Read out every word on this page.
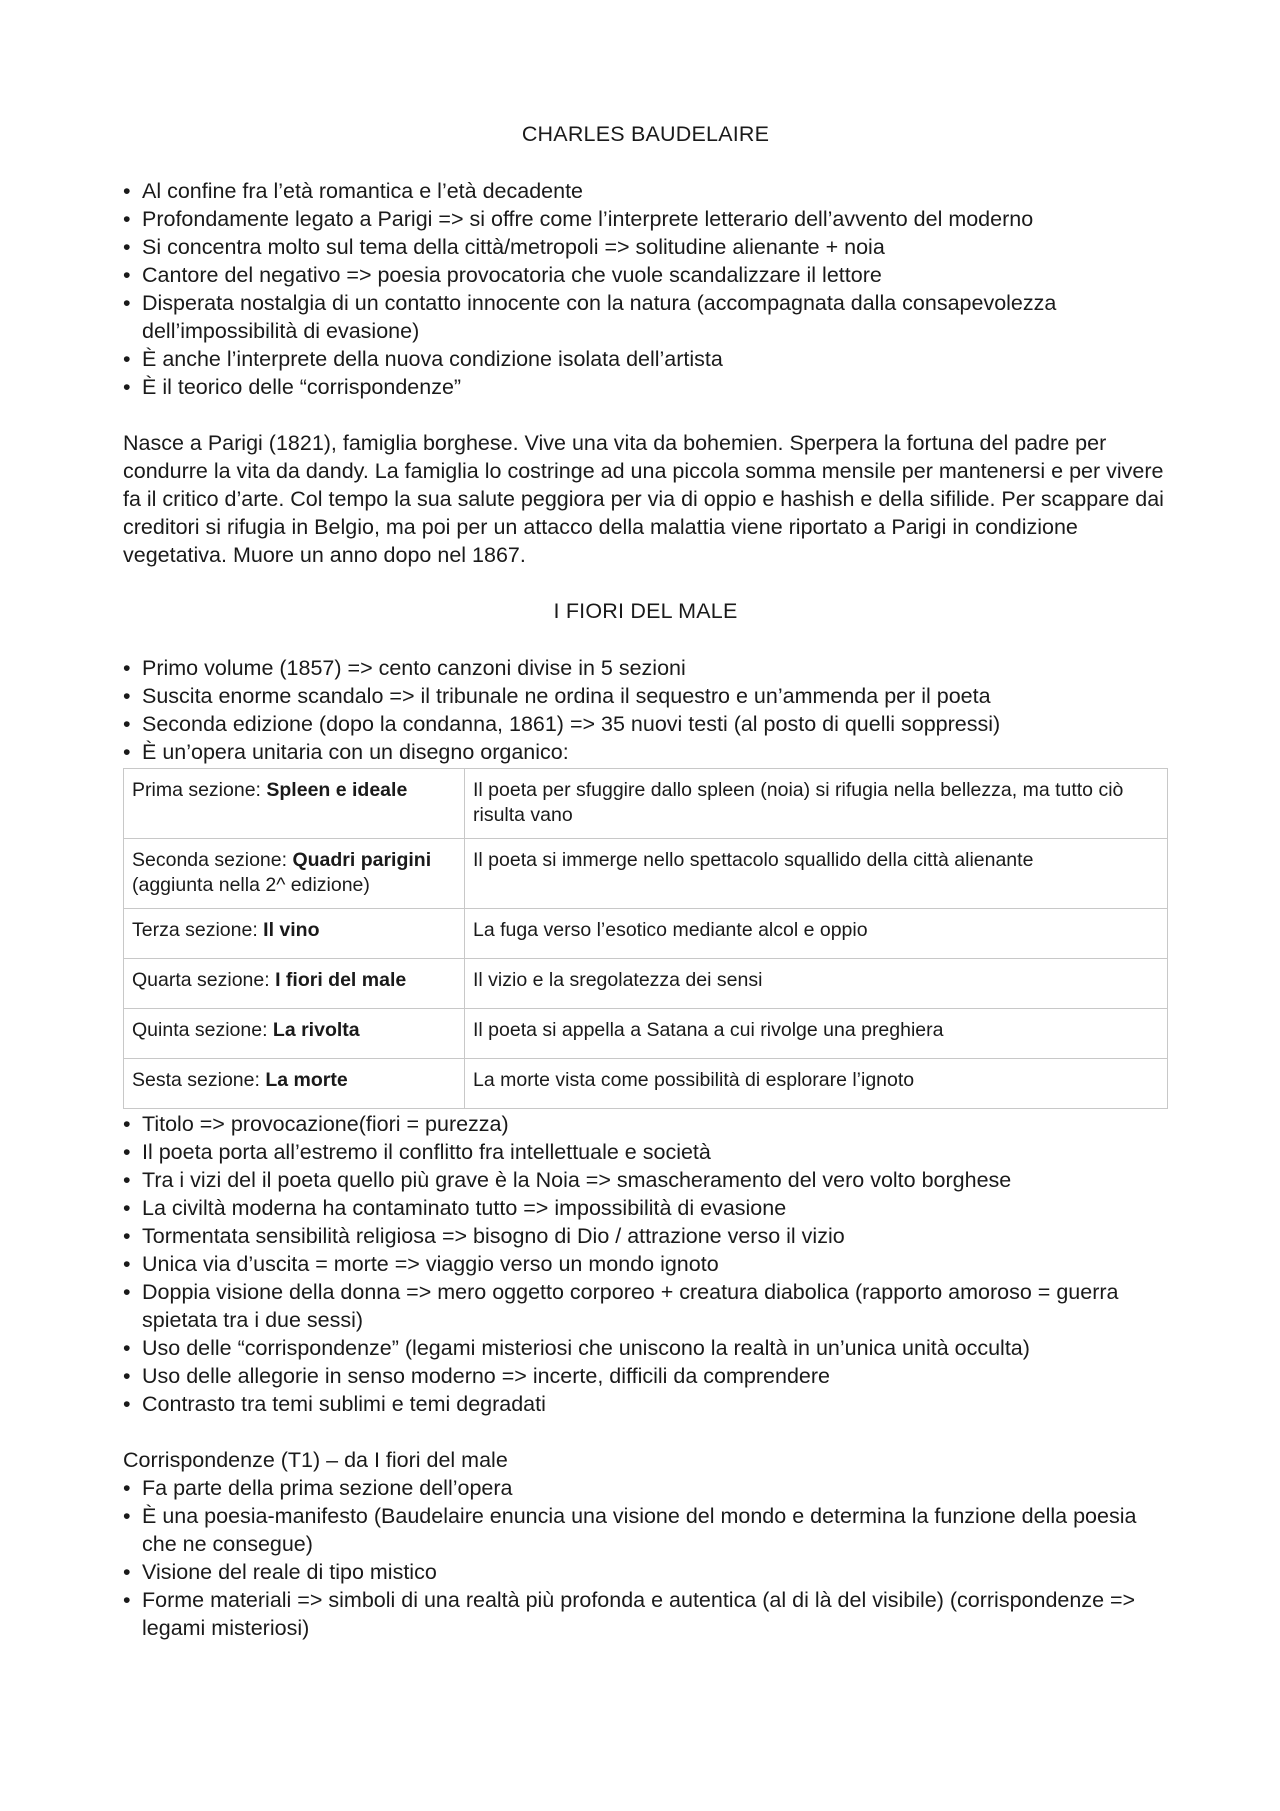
CHARLES BAUDELAIRE
• Al confine fra l’età romantica e l’età decadente
• Profondamente legato a Parigi => si offre come l’interprete letterario dell’avvento del moderno
• Si concentra molto sul tema della città/metropoli => solitudine alienante + noia
• Cantore del negativo => poesia provocatoria che vuole scandalizzare il lettore
• Disperata nostalgia di un contatto innocente con la natura (accompagnata dalla consapevolezza dell’impossibilità di evasione)
• È anche l’interprete della nuova condizione isolata dell’artista
• È il teorico delle “corrispondenze”

Nasce a Parigi (1821), famiglia borghese. Vive una vita da bohemien. Sperpera la fortuna del padre per condurre la vita da dandy. La famiglia lo costringe ad una piccola somma mensile per mantenersi e per vivere fa il critico d’arte. Col tempo la sua salute peggiora per via di oppio e hashish e della sifilide. Per scappare dai creditori si rifugia in Belgio, ma poi per un attacco della malattia viene riportato a Parigi in condizione vegetativa. Muore un anno dopo nel 1867.

I FIORI DEL MALE
• Primo volume (1857) => cento canzoni divise in 5 sezioni
• Suscita enorme scandalo => il tribunale ne ordina il sequestro e un’ammenda per il poeta
• Seconda edizione (dopo la condanna, 1861) => 35 nuovi testi (al posto di quelli soppressi)
• È un’opera unitaria con un disegno organico:
Prima sezione: Spleen e ideale	Il poeta per sfuggire dallo spleen (noia) si rifugia nella bellezza, ma tutto ciò risulta vano
Seconda sezione: Quadri parigini
(aggiunta nella 2^ edizione)	Il poeta si immerge nello spettacolo squallido della città alienante
Terza sezione: Il vino	La fuga verso l’esotico mediante alcol e oppio
Quarta sezione: I fiori del male	Il vizio e la sregolatezza dei sensi
Quinta sezione: La rivolta	Il poeta si appella a Satana a cui rivolge una preghiera
Sesta sezione: La morte	La morte vista come possibilità di esplorare l’ignoto
• Titolo => provocazione(fiori = purezza)
• Il poeta porta all’estremo il conflitto fra intellettuale e società
• Tra i vizi del il poeta quello più grave è la Noia => smascheramento del vero volto borghese
• La civiltà moderna ha contaminato tutto => impossibilità di evasione
• Tormentata sensibilità religiosa => bisogno di Dio / attrazione verso il vizio
• Unica via d’uscita = morte => viaggio verso un mondo ignoto
• Doppia visione della donna => mero oggetto corporeo + creatura diabolica (rapporto amoroso = guerra spietata tra i due sessi)
• Uso delle “corrispondenze” (legami misteriosi che uniscono la realtà in un’unica unità occulta)
• Uso delle allegorie in senso moderno => incerte, difficili da comprendere
• Contrasto tra temi sublimi e temi degradati

Corrispondenze (T1) – da I fiori del male

• Fa parte della prima sezione dell’opera
• È una poesia-manifesto (Baudelaire enuncia una visione del mondo e determina la funzione della poesia che ne consegue)
• Visione del reale di tipo mistico
• Forme materiali => simboli di una realtà più profonda e autentica (al di là del visibile) (corrispondenze => legami misteriosi)
